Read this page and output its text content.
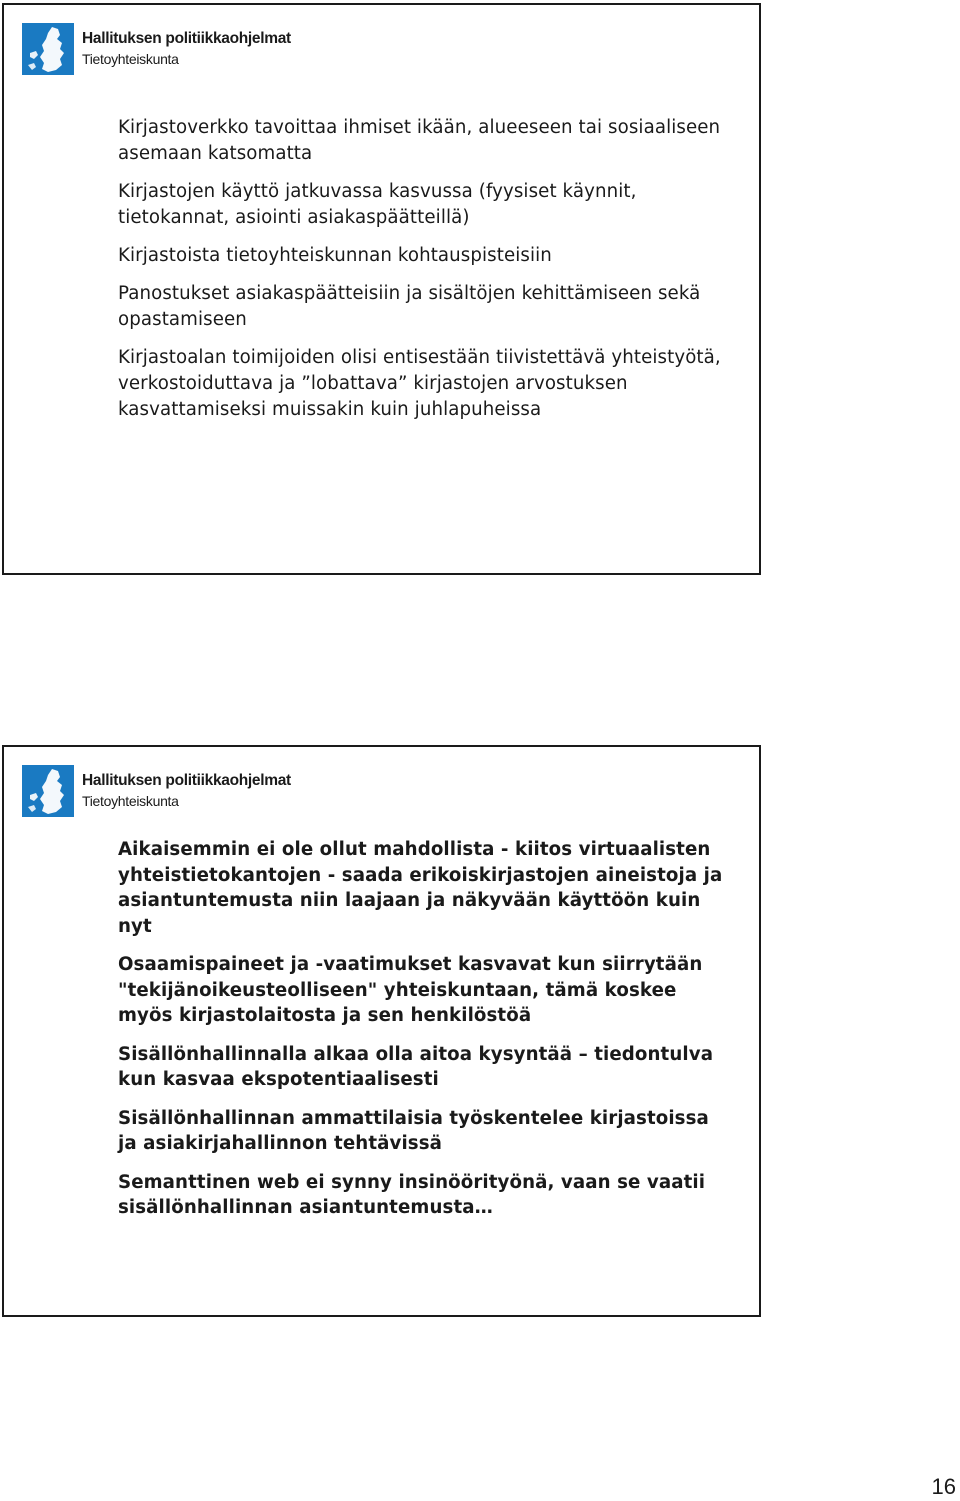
Hallituksen politiikkaohjelmat
Tietoyhteiskunta
Kirjastoverkko tavoittaa ihmiset ikään, alueeseen tai sosiaaliseen asemaan katsomatta
Kirjastojen käyttö jatkuvassa kasvussa (fyysiset käynnit, tietokannat, asiointi asiakaspäätteillä)
Kirjastoista tietoyhteiskunnan kohtauspisteisiin
Panostukset asiakaspäätteisiin ja sisältöjen kehittämiseen sekä opastamiseen
Kirjastoalan toimijoiden olisi entisestään tiivistettävä yhteistyötä, verkostoiduttava ja ”lobattava” kirjastojen arvostuksen kasvattamiseksi muissakin kuin juhlapuheissa
Hallituksen politiikkaohjelmat
Tietoyhteiskunta
Aikaisemmin ei ole ollut mahdollista - kiitos virtuaalisten yhteistietokantojen - saada erikoiskirjastojen aineistoja ja asiantuntemusta niin laajaan ja näkyvään käyttöön kuin nyt
Osaamispaineet ja -vaatimukset kasvavat kun siirrytään "tekijänoikeusteolliseen" yhteiskuntaan, tämä koskee myös kirjastolaitosta ja sen henkilöstöä
Sisällönhallinnalla alkaa olla aitoa kysyntää – tiedontulva kun kasvaa ekspotentiaalisesti
Sisällönhallinnan ammattilaisia työskentelee kirjastoissa ja asiakirjahallinnon tehtävissä
Semanttinen web ei synny insinöörityönä, vaan se vaatii sisällönhallinnan asiantuntemusta…
16
